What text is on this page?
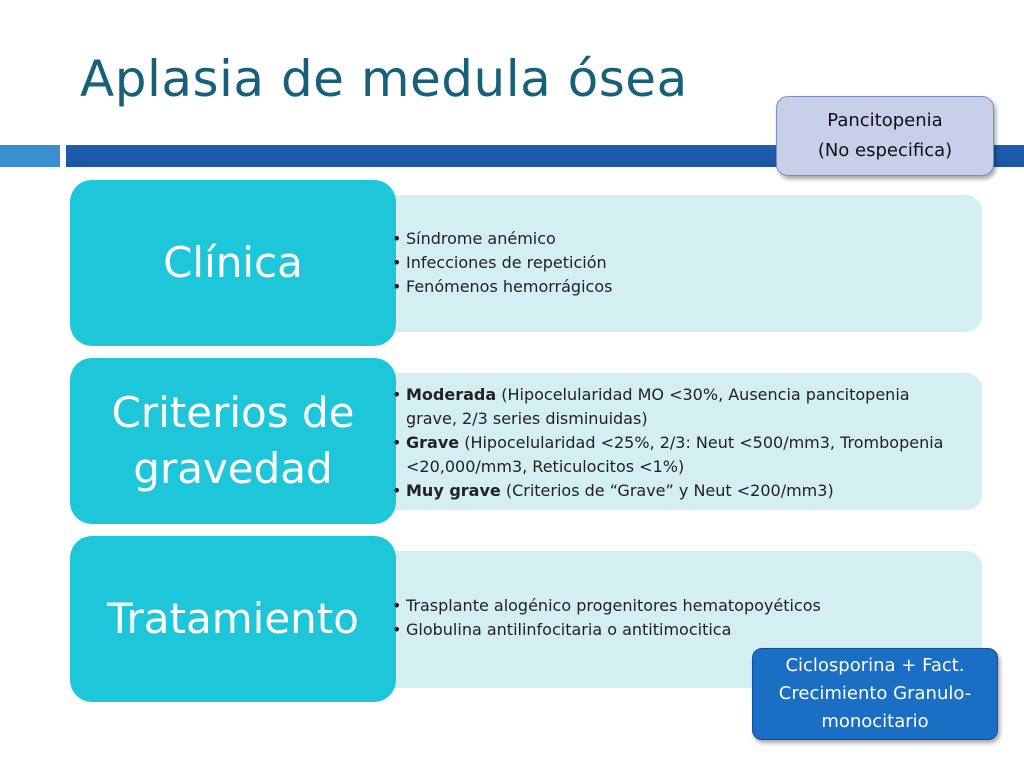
Aplasia de medula ósea
Pancitopenia
(No especifica)
Clínica	• Síndrome anémico
• Infecciones de repetición
• Fenómenos hemorrágicos
Criterios de
gravedad
• Moderada (Hipocelularidad MO <30%, Ausencia pancitopenia grave, 2/3 series disminuidas)
• Grave (Hipocelularidad <25%, 2/3: Neut <500/mm3, Trombopenia <20,000/mm3, Reticulocitos <1%)
• Muy grave (Criterios de “Grave” y Neut <200/mm3)
Tratamiento	• Trasplante alogénico progenitores hematopoyéticos
• Globulina antilinfocitaria o antitimocitica
Ciclosporina + Fact.
Crecimiento Granulo-
monocitario
